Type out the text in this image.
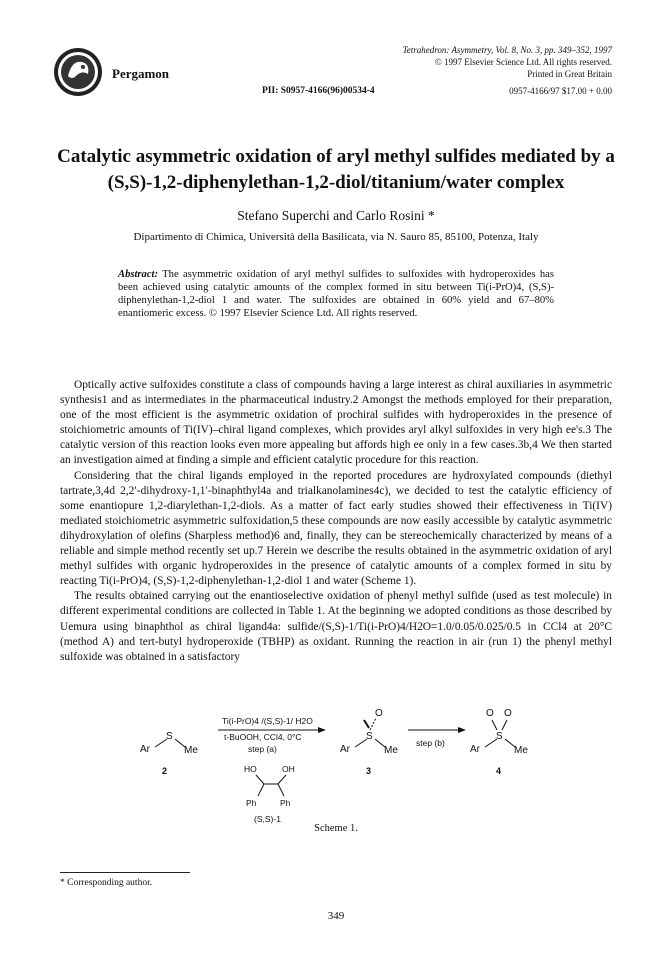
Pergamon
Tetrahedron: Asymmetry, Vol. 8, No. 3, pp. 349–352, 1997
© 1997 Elsevier Science Ltd. All rights reserved.
Printed in Great Britain
PII: S0957-4166(96)00534-4	0957-4166/97 $17.00 + 0.00
Catalytic asymmetric oxidation of aryl methyl sulfides mediated by a
(S,S)-1,2-diphenylethan-1,2-diol/titanium/water complex
Stefano Superchi and Carlo Rosini *
Dipartimento di Chimica, Università della Basilicata, via N. Sauro 85, 85100, Potenza, Italy
Abstract: The asymmetric oxidation of aryl methyl sulfides to sulfoxides with hydroperoxides has been achieved using catalytic amounts of the complex formed in situ between Ti(i-PrO)4, (S,S)-diphenylethan-1,2-diol 1 and water. The sulfoxides are obtained in 60% yield and 67–80% enantiomeric excess. © 1997 Elsevier Science Ltd. All rights reserved.

Optically active sulfoxides constitute a class of compounds having a large interest as chiral auxiliaries in asymmetric synthesis1 and as intermediates in the pharmaceutical industry.2 Amongst the methods employed for their preparation, one of the most efficient is the asymmetric oxidation of prochiral sulfides with hydroperoxides in the presence of stoichiometric amounts of Ti(IV)–chiral ligand complexes, which provides aryl alkyl sulfoxides in very high ee's.3 The catalytic version of this reaction looks even more appealing but affords high ee only in a few cases.3b,4 We then started an investigation aimed at finding a simple and efficient catalytic procedure for this reaction.

Considering that the chiral ligands employed in the reported procedures are hydroxylated compounds (diethyl tartrate,3,4d 2,2′-dihydroxy-1,1′-binaphthyl4a and trialkanolamines4c), we decided to test the catalytic efficiency of some enantiopure 1,2-diarylethan-1,2-diols. As a matter of fact early studies showed their effectiveness in Ti(IV) mediated stoichiometric asymmetric sulfoxidation,5 these compounds are now easily accessible by catalytic asymmetric dihydroxylation of olefins (Sharpless method)6 and, finally, they can be stereochemically characterized by means of a reliable and simple method recently set up.7 Herein we describe the results obtained in the asymmetric oxidation of aryl methyl sulfides with organic hydroperoxides in the presence of catalytic amounts of a complex formed in situ by reacting Ti(i-PrO)4, (S,S)-1,2-diphenylethan-1,2-diol 1 and water (Scheme 1).

The results obtained carrying out the enantioselective oxidation of phenyl methyl sulfide (used as test molecule) in different experimental conditions are collected in Table 1. At the beginning we adopted conditions as those described by Uemura using binaphthol as chiral ligand4a: sulfide/(S,S)-1/Ti(i-PrO)4/H2O=1.0/0.05/0.025/0.5 in CCl4 at 20°C (method A) and tert-butyl hydroperoxide (TBHP) as oxidant. Running the reaction in air (run 1) the phenyl methyl sulfoxide was obtained in a satisfactory

Ar
S
Me
2
Ti(i-PrO)4 /(S,S)-1/ H2O
t-BuOOH, CCl4, 0°C
step (a)
HO	OH
Ph	Ph
(S,S)-1
Ar
S
Me
O
3
step (b)
Ar
S
Me
O O
4
Scheme 1.
* Corresponding author.
349
